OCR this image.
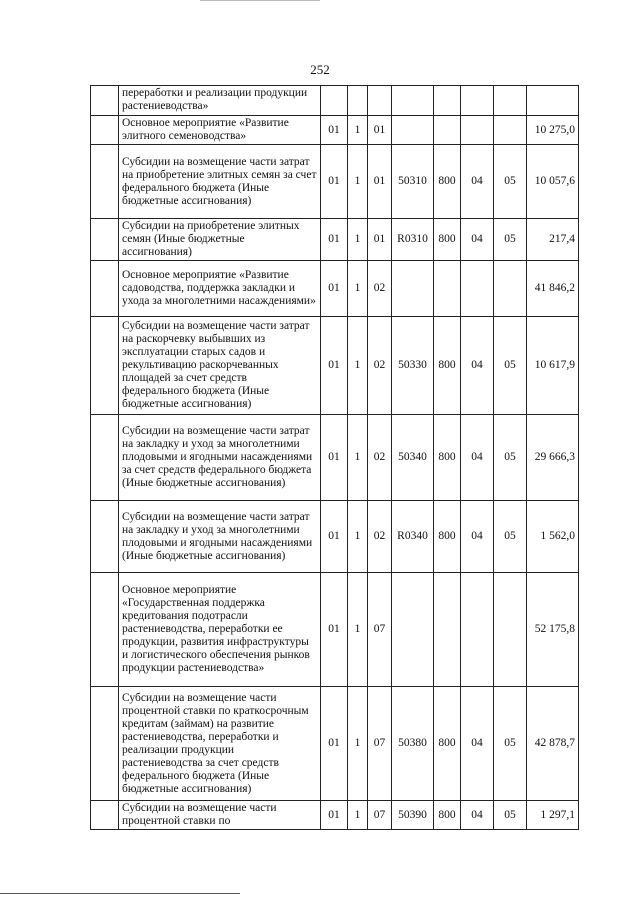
252
	переработки и реализации продукции растениеводства»								
	Основное мероприятие «Развитие элитного семеноводства»	01	1	01					10 275,0
	Субсидии на возмещение части затрат на приобретение элитных семян за счет федерального бюджета (Иные бюджетные ассигнования)	01	1	01	50310	800	04	05	10 057,6
	Субсидии на приобретение элитных семян (Иные бюджетные ассигнования)	01	1	01	R0310	800	04	05	217,4
	Основное мероприятие «Развитие садоводства, поддержка закладки и ухода за многолетними насаждениями»	01	1	02					41 846,2
	Субсидии на возмещение части затрат на раскорчевку выбывших из эксплуатации старых садов и рекультивацию раскорчеванных площадей за счет средств федерального бюджета (Иные бюджетные ассигнования)	01	1	02	50330	800	04	05	10 617,9
	Субсидии на возмещение части затрат на закладку и уход за многолетними плодовыми и ягодными насаждениями за счет средств федерального бюджета (Иные бюджетные ассигнования)	01	1	02	50340	800	04	05	29 666,3
	Субсидии на возмещение части затрат на закладку и уход за многолетними плодовыми и ягодными насаждениями (Иные бюджетные ассигнования)	01	1	02	R0340	800	04	05	1 562,0
	Основное мероприятие «Государственная поддержка кредитования подотрасли растениеводства, переработки ее продукции, развития инфраструктуры и логистического обеспечения рынков продукции растениеводства»	01	1	07					52 175,8
	Субсидии на возмещение части процентной ставки по краткосрочным кредитам (займам) на развитие растениеводства, переработки и реализации продукции растениеводства за счет средств федерального бюджета (Иные бюджетные ассигнования)	01	1	07	50380	800	04	05	42 878,7
	Субсидии на возмещение части процентной ставки по	01	1	07	50390	800	04	05	1 297,1
